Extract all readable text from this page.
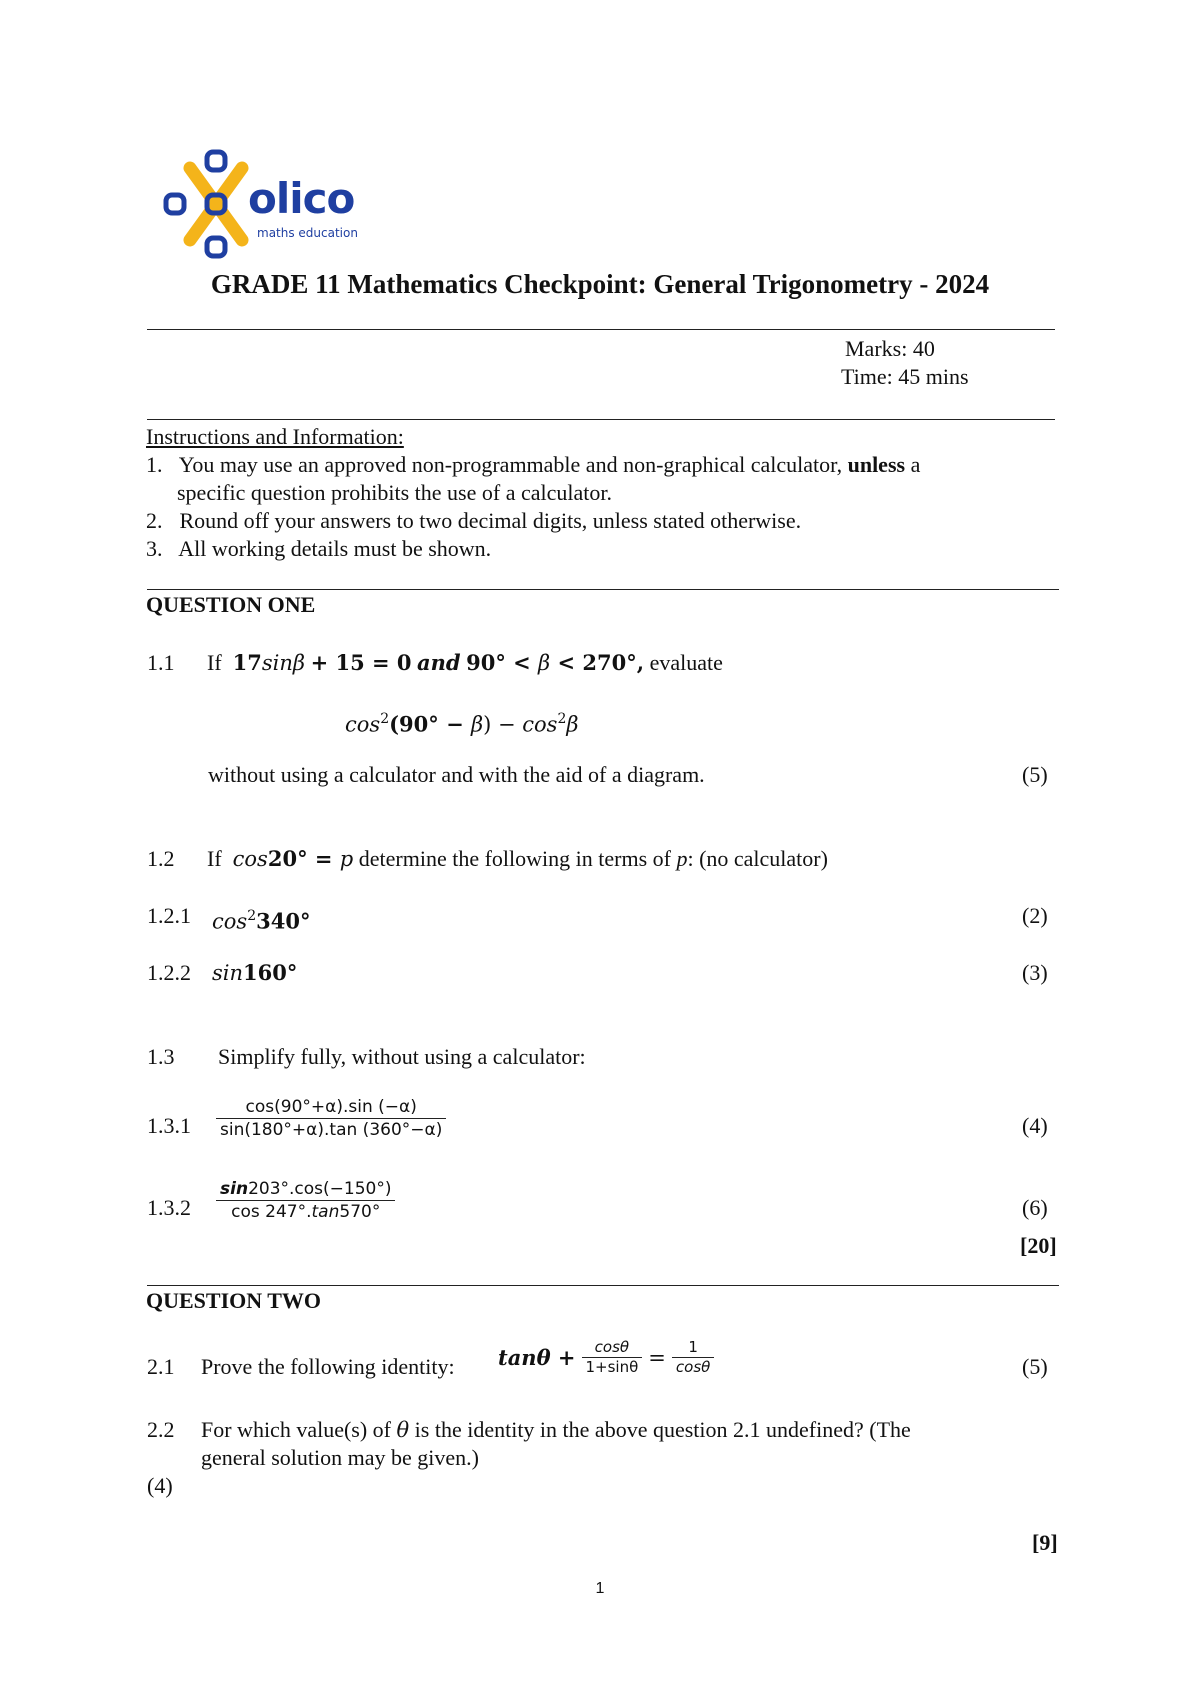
olico
maths education
GRADE 11 Mathematics Checkpoint: General Trigonometry - 2024
Marks: 40
Time: 45 mins
Instructions and Information:
1. You may use an approved non-programmable and non-graphical calculator, unless a
specific question prohibits the use of a calculator.
2. Round off your answers to two decimal digits, unless stated otherwise.
3. All working details must be shown.
QUESTION ONE
1.1 If 17sinβ + 15 = 0 and 90° < β < 270°, evaluate
$\cos^2(90^\circ - \beta) - \cos^2\beta$
without using a calculator and with the aid of a diagram.	(5)
1.2 If cos20° = p determine the following in terms of p: (no calculator)
1.2.1 $\cos^2340^\circ$	(2)
1.2.2 sin160°	(3)
1.3 Simplify fully, without using a calculator:
$1.3.1 \frac{\cos(90^\circ+\alpha).\sin (-\alpha)}{\sin(180^\circ+\alpha).\tan (360^\circ-\alpha)}$	(4)
$1.3.2 \frac{\sin 203^\circ.\cos(-150^\circ)}{\cos 247^\circ.\tan 570^\circ}$	(6)
[20]
QUESTION TWO
2.1 Prove the following identity: $\tan\theta + \frac{\cos\theta}{1+\sin\theta} = \frac{1}{\cos\theta}$	(5)
2.2 For which value(s) of θ is the identity in the above question 2.1 undefined? (The
general solution may be given.)
(4)
[9]
1
